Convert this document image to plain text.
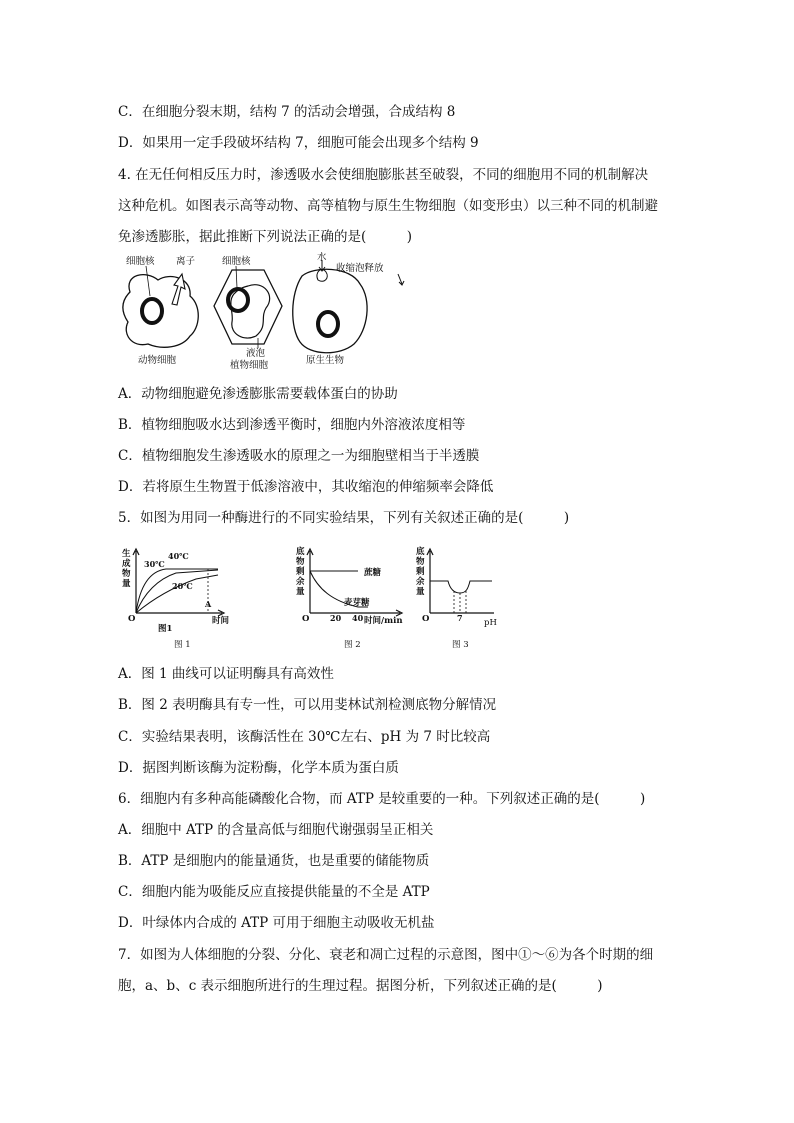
C．在细胞分裂末期，结构 7 的活动会增强，合成结构 8
D．如果用一定手段破坏结构 7，细胞可能会出现多个结构 9
4. 在无任何相反压力时，渗透吸水会使细胞膨胀甚至破裂，不同的细胞用不同的机制解决
这种危机。如图表示高等动物、高等植物与原生生物细胞（如变形虫）以三种不同的机制避
免渗透膨胀，据此推断下列说法正确的是(　　　)
细胞核 离子
动物细胞
细胞核
液泡
植物细胞
水
收缩泡释放
原生生物
A．动物细胞避免渗透膨胀需要载体蛋白的协助
B．植物细胞吸水达到渗透平衡时，细胞内外溶液浓度相等
C．植物细胞发生渗透吸水的原理之一为细胞壁相当于半透膜
D．若将原生生物置于低渗溶液中，其收缩泡的伸缩频率会降低
5．如图为用同一种酶进行的不同实验结果，下列有关叙述正确的是(　　　)
40℃
30℃
20℃
O
A
时间
图1
图 1
蔗糖
麦芽糖
O	20 40 时间/min
图 2
O	7	pH
图 3
生成物量
底物剩余量
底物剩余量
A．图 1 曲线可以证明酶具有高效性
B．图 2 表明酶具有专一性，可以用斐林试剂检测底物分解情况
C．实验结果表明，该酶活性在 30℃左右、pH 为 7 时比较高
D．据图判断该酶为淀粉酶，化学本质为蛋白质
6．细胞内有多种高能磷酸化合物，而 ATP 是较重要的一种。下列叙述正确的是(　　　)
A．细胞中 ATP 的含量高低与细胞代谢强弱呈正相关
B．ATP 是细胞内的能量通货，也是重要的储能物质
C．细胞内能为吸能反应直接提供能量的不全是 ATP
D．叶绿体内合成的 ATP 可用于细胞主动吸收无机盐
7．如图为人体细胞的分裂、分化、衰老和凋亡过程的示意图，图中①～⑥为各个时期的细
胞，a、b、c 表示细胞所进行的生理过程。据图分析，下列叙述正确的是(　　　)
